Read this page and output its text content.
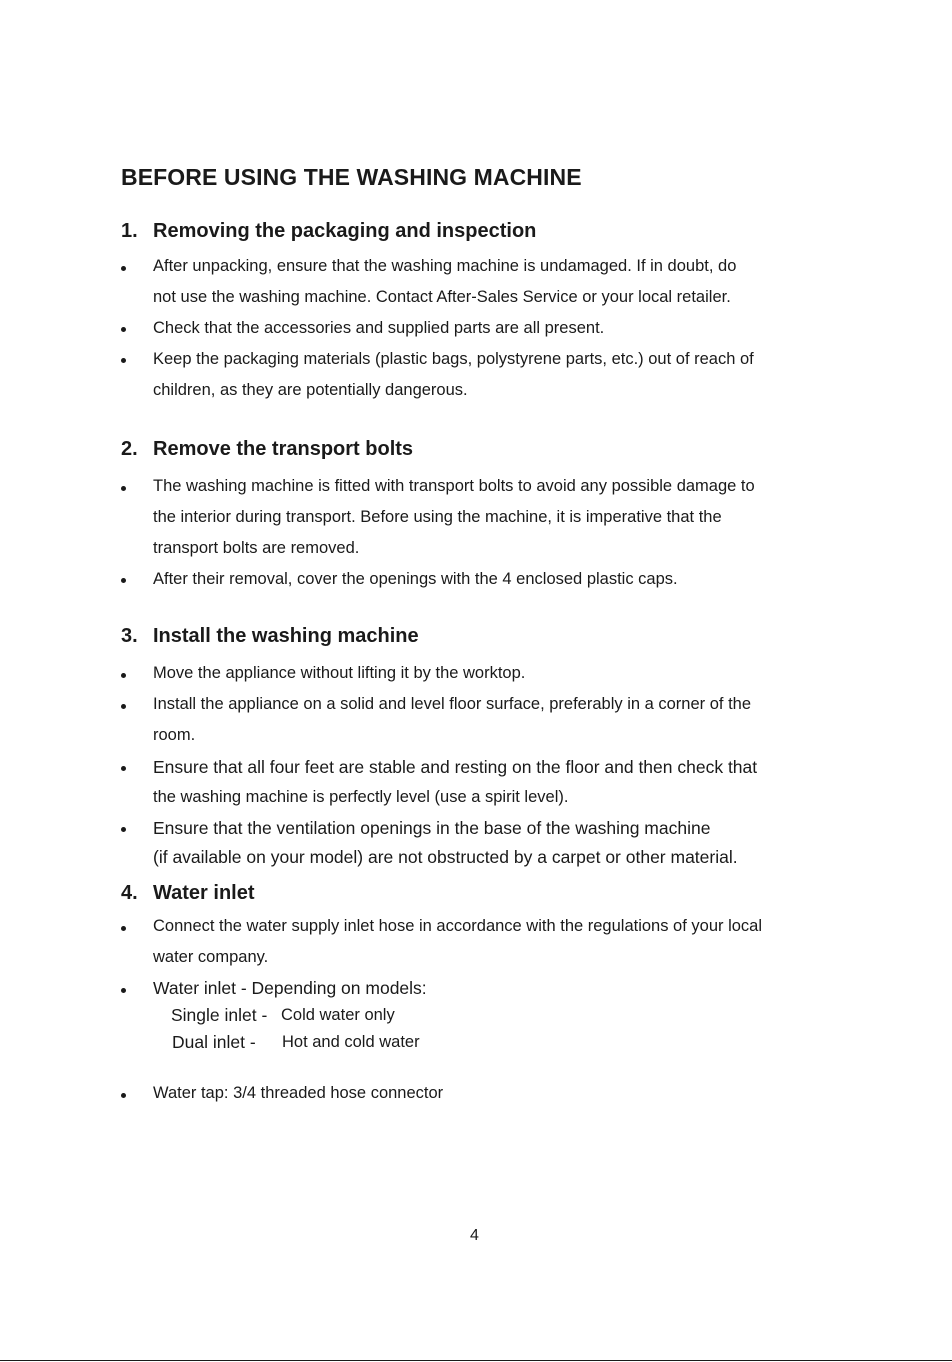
BEFORE USING THE WASHING MACHINE
1. Removing the packaging and inspection
After unpacking, ensure that the washing machine is undamaged. If in doubt, do
not use the washing machine. Contact After-Sales Service or your local retailer.
Check that the accessories and supplied parts are all present.
Keep the packaging materials (plastic bags, polystyrene parts, etc.) out of reach of
children, as they are potentially dangerous.
2. Remove the transport bolts
The washing machine is fitted with transport bolts to avoid any possible damage to
the interior during transport. Before using the machine, it is imperative that the
transport bolts are removed.
After their removal, cover the openings with the 4 enclosed plastic caps.
3. Install the washing machine
Move the appliance without lifting it by the worktop.
Install the appliance on a solid and level floor surface, preferably in a corner of the
room.
Ensure that all four feet are stable and resting on the floor and then check that
the washing machine is perfectly level (use a spirit level).
Ensure that the ventilation openings in the base of the washing machine
(if available on your model) are not obstructed by a carpet or other material.
4. Water inlet
Connect the water supply inlet hose in accordance with the regulations of your local
water company.
Water inlet - Depending on models:
Single inlet - Cold water only
Dual inlet - Hot and cold water
Water tap: 3/4 threaded hose connector
4
